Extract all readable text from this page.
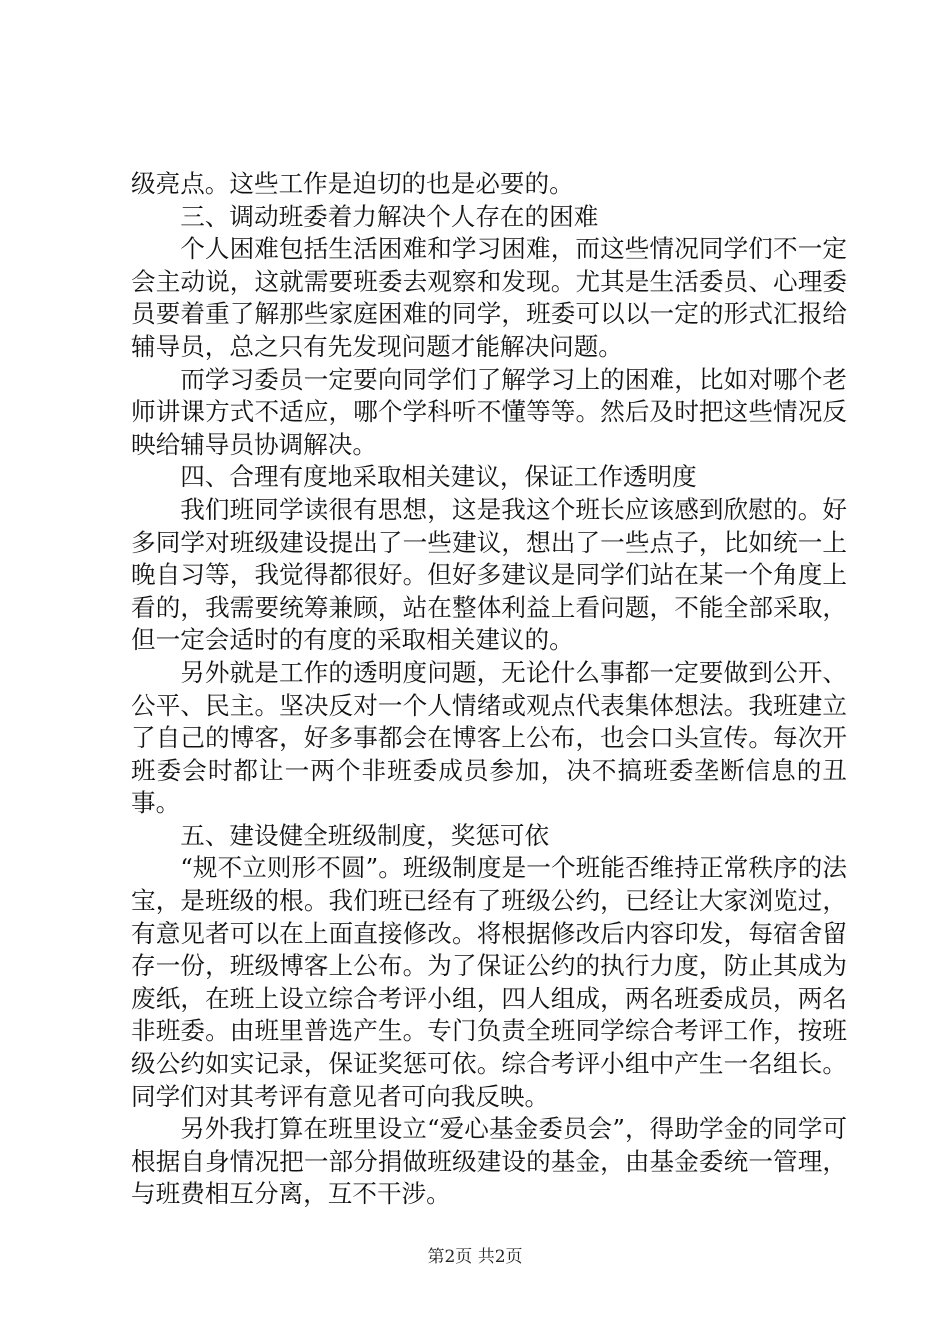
级亮点。这些工作是迫切的也是必要的。

三、调动班委着力解决个人存在的困难

个人困难包括生活困难和学习困难，而这些情况同学们不一定会主动说，这就需要班委去观察和发现。尤其是生活委员、心理委员要着重了解那些家庭困难的同学，班委可以以一定的形式汇报给辅导员，总之只有先发现问题才能解决问题。

而学习委员一定要向同学们了解学习上的困难，比如对哪个老师讲课方式不适应，哪个学科听不懂等等。然后及时把这些情况反映给辅导员协调解决。

四、合理有度地采取相关建议，保证工作透明度

我们班同学读很有思想，这是我这个班长应该感到欣慰的。好多同学对班级建设提出了一些建议，想出了一些点子，比如统一上晚自习等，我觉得都很好。但好多建议是同学们站在某一个角度上看的，我需要统筹兼顾，站在整体利益上看问题，不能全部采取，但一定会适时的有度的采取相关建议的。

另外就是工作的透明度问题，无论什么事都一定要做到公开、公平、民主。坚决反对一个人情绪或观点代表集体想法。我班建立了自己的博客，好多事都会在博客上公布，也会口头宣传。每次开班委会时都让一两个非班委成员参加，决不搞班委垄断信息的丑事。

五、建设健全班级制度，奖惩可依

“规不立则形不圆”。班级制度是一个班能否维持正常秩序的法宝，是班级的根。我们班已经有了班级公约，已经让大家浏览过，有意见者可以在上面直接修改。将根据修改后内容印发，每宿舍留存一份，班级博客上公布。为了保证公约的执行力度，防止其成为废纸，在班上设立综合考评小组，四人组成，两名班委成员，两名非班委。由班里普选产生。专门负责全班同学综合考评工作，按班级公约如实记录，保证奖惩可依。综合考评小组中产生一名组长。同学们对其考评有意见者可向我反映。

另外我打算在班里设立“爱心基金委员会”，得助学金的同学可根据自身情况把一部分捐做班级建设的基金，由基金委统一管理，与班费相互分离，互不干涉。

第2页 共2页
